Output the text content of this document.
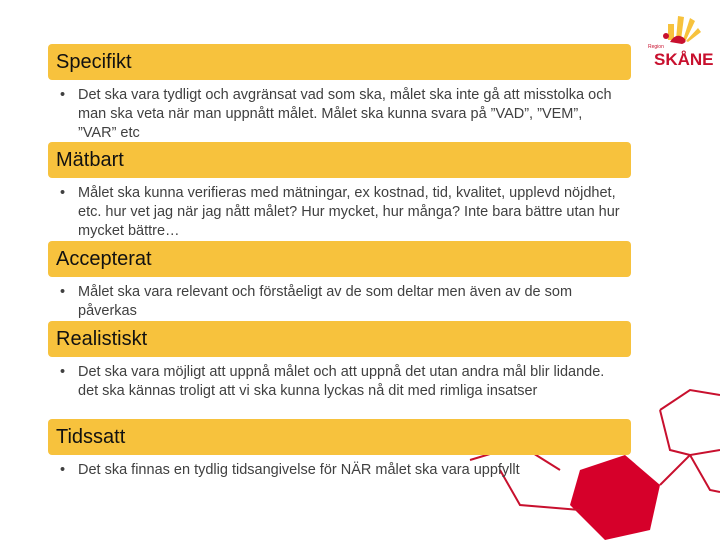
Region
SKÅNE
Specifikt
• Det ska vara tydligt och avgränsat vad som ska, målet ska inte gå att misstolka och man ska veta när man uppnått målet. Målet ska kunna svara på ”VAD”, ”VEM”, ”VAR” etc
Mätbart
• Målet ska kunna verifieras med mätningar, ex kostnad, tid, kvalitet, upplevd nöjdhet, etc. hur vet jag när jag nått målet? Hur mycket, hur många? Inte bara bättre utan hur mycket bättre…
Accepterat
• Målet ska vara relevant och förståeligt av de som deltar men även av de som påverkas
Realistiskt
• Det ska vara möjligt att uppnå målet och att uppnå det utan andra mål blir lidande. det ska kännas troligt att vi ska kunna lyckas nå dit med rimliga insatser
Tidssatt
• Det ska finnas en tydlig tidsangivelse för NÄR målet ska vara uppfyllt
